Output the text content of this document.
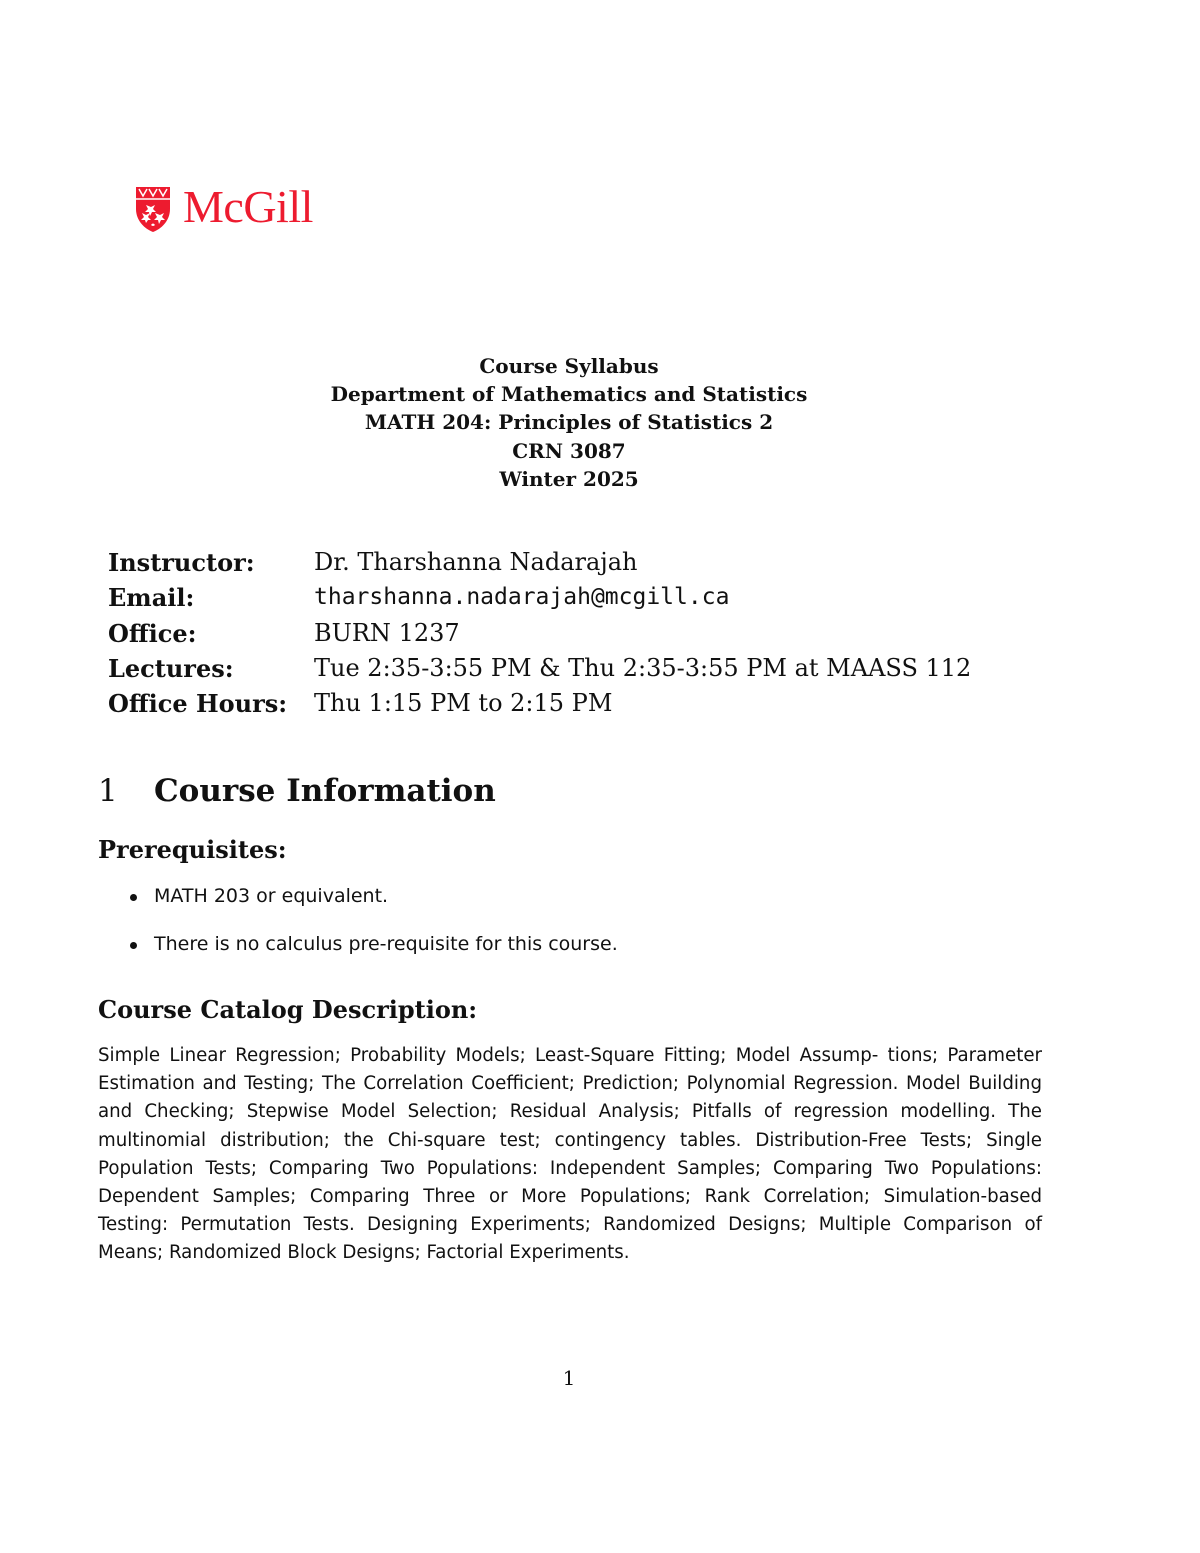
McGill
Course Syllabus
Department of Mathematics and Statistics
MATH 204: Principles of Statistics 2
CRN 3087
Winter 2025
Instructor: Dr. Tharshanna Nadarajah
Email:	tharshanna.nadarajah@mcgill.ca
Office:	BURN 1237
Lectures:	Tue 2:35-3:55 PM & Thu 2:35-3:55 PM at MAASS 112
Office Hours: Thu 1:15 PM to 2:15 PM
1 Course Information
Prerequisites:
MATH 203 or equivalent.
There is no calculus pre-requisite for this course.
Course Catalog Description:

Simple Linear Regression; Probability Models; Least-Square Fitting; Model Assump- tions; Parameter Estimation and Testing; The Correlation Coefficient; Prediction; Polynomial Regression. Model Building and Checking; Stepwise Model Selection; Residual Analysis; Pitfalls of regression modelling. The multinomial distribution; the Chi-square test; contingency tables. Distribution-Free Tests; Single Population Tests; Comparing Two Populations: Independent Samples; Comparing Two Populations: Dependent Samples; Comparing Three or More Populations; Rank Correlation; Simulation-based Testing: Permutation Tests. Designing Experiments; Randomized Designs; Multiple Comparison of Means; Randomized Block Designs; Factorial Experiments.

1
